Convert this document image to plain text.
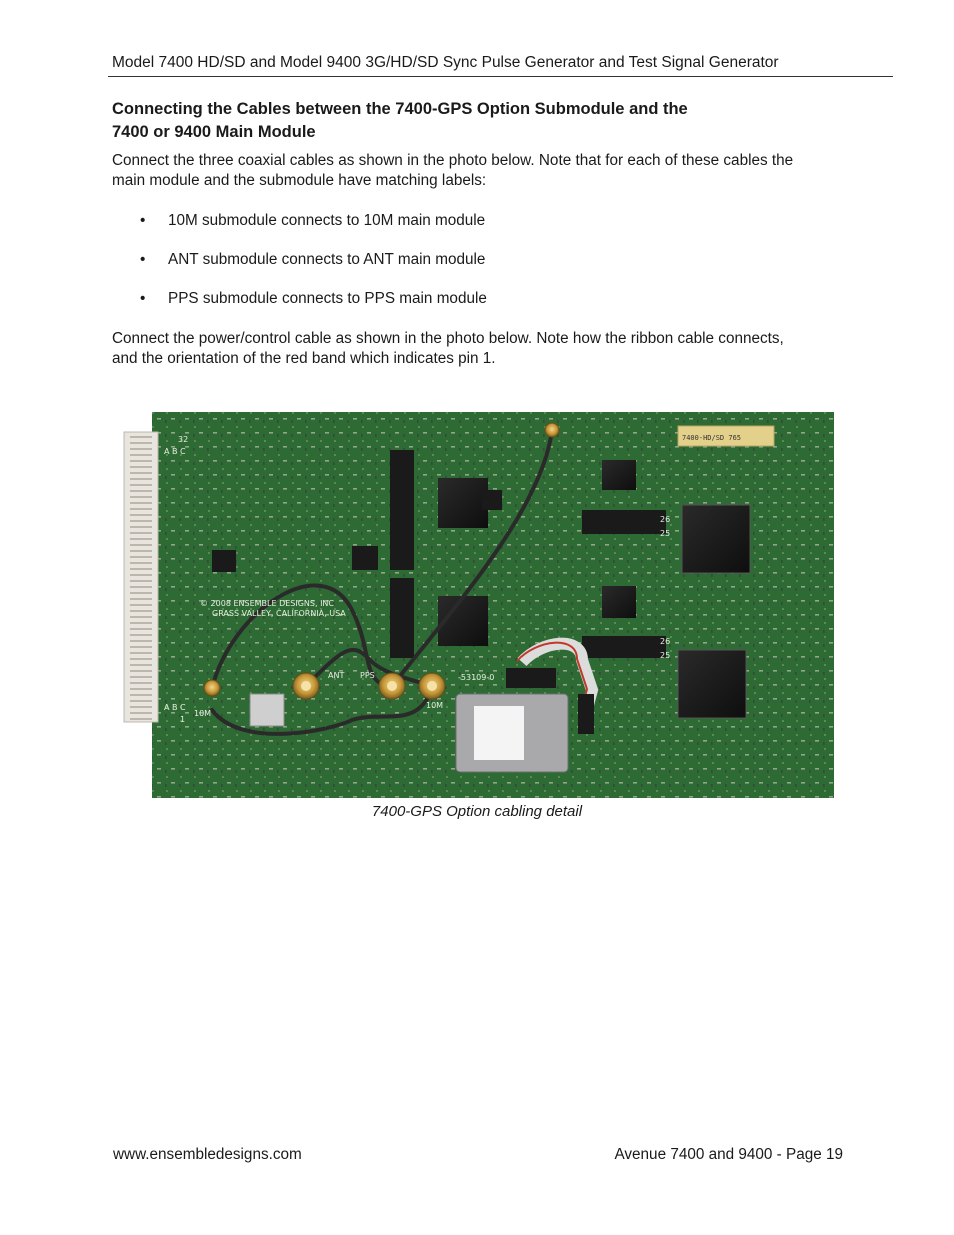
Model 7400 HD/SD and Model 9400 3G/HD/SD Sync Pulse Generator and Test Signal Generator
Connecting the Cables between the 7400-GPS Option Submodule and the
7400 or 9400 Main Module
Connect the three coaxial cables as shown in the photo below. Note that for each of these cables the
main module and the submodule have matching labels:
• 10M submodule connects to 10M main module
• ANT submodule connects to ANT main module
• PPS submodule connects to PPS main module
Connect the power/control cable as shown in the photo below. Note how the ribbon cable connects,
and the orientation of the red band which indicates pin 1.
7400-HD/SD 765
ANT PPS
10M
10M
© 2008 ENSEMBLE DESIGNS, INC
GRASS VALLEY, CALIFORNIA, USA
32
A B C
A B C
1
26
25
26
25
-53109-0
7400-GPS Option cabling detail
www.ensembledesigns.com	Avenue 7400 and 9400 - Page 19
